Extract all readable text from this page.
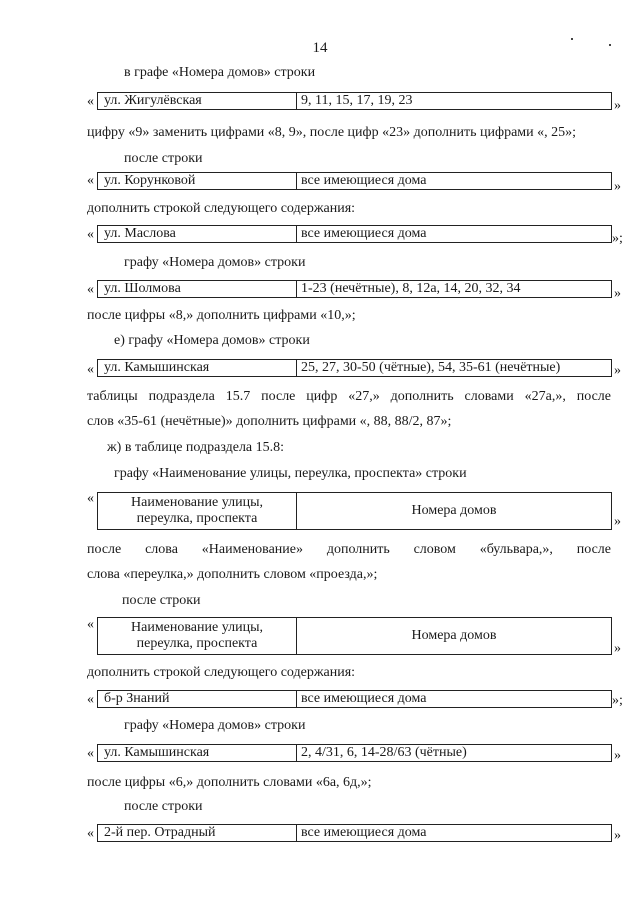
14
в графе «Номера домов» строки
« ул. Жигулёвская	9, 11, 15, 17, 19, 23	»
цифру «9» заменить цифрами «8, 9», после цифр «23» дополнить цифрами «, 25»;
после строки
« ул. Корунковой	все имеющиеся дома	»
дополнить строкой следующего содержания:
« ул. Маслова	все имеющиеся дома	»;
графу «Номера домов» строки
« ул. Шолмова	1-23 (нечётные), 8, 12а, 14, 20, 32, 34	»
после цифры «8,» дополнить цифрами «10,»;
е) графу «Номера домов» строки
« ул. Камышинская	25, 27, 30-50 (чётные), 54, 35-61 (нечётные)	»
таблицы подраздела 15.7 после цифр «27,» дополнить словами «27а,», после
слов «35-61 (нечётные)» дополнить цифрами «, 88, 88/2, 87»;
ж) в таблице подраздела 15.8:
графу «Наименование улицы, переулка, проспекта» строки
«	Наименование улицы,
переулка, проспекта
Номера домов
»
после слова «Наименование» дополнить словом «бульвара,», после
слова «переулка,» дополнить словом «проезда,»;
после строки
«	Наименование улицы,
переулка, проспекта
Номера домов
»
дополнить строкой следующего содержания:
« б-р Знаний	все имеющиеся дома	»;
графу «Номера домов» строки
« ул. Камышинская	2, 4/31, 6, 14-28/63 (чётные)	»
после цифры «6,» дополнить словами «6а, 6д,»;
после строки
« 2-й пер. Отрадный	все имеющиеся дома	»
